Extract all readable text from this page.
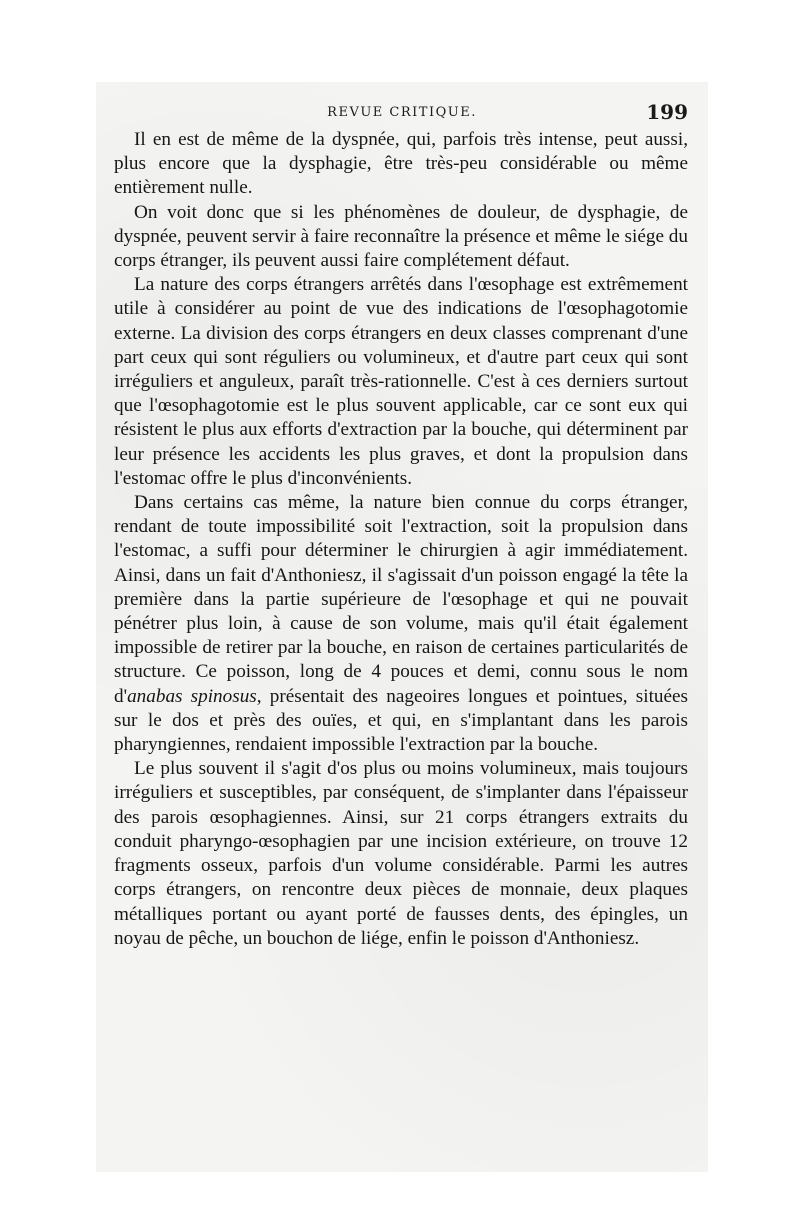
REVUE CRITIQUE.	199

Il en est de même de la dyspnée, qui, parfois très intense, peut aussi, plus encore que la dysphagie, être très-peu considérable ou même entièrement nulle.

On voit donc que si les phénomènes de douleur, de dysphagie, de dyspnée, peuvent servir à faire reconnaître la présence et même le siége du corps étranger, ils peuvent aussi faire complétement défaut.

La nature des corps étrangers arrêtés dans l'œsophage est extrêmement utile à considérer au point de vue des indications de l'œsophagotomie externe. La division des corps étrangers en deux classes comprenant d'une part ceux qui sont réguliers ou volumineux, et d'autre part ceux qui sont irréguliers et anguleux, paraît très-rationnelle. C'est à ces derniers surtout que l'œsophagotomie est le plus souvent applicable, car ce sont eux qui résistent le plus aux efforts d'extraction par la bouche, qui déterminent par leur présence les accidents les plus graves, et dont la propulsion dans l'estomac offre le plus d'inconvénients.

Dans certains cas même, la nature bien connue du corps étranger, rendant de toute impossibilité soit l'extraction, soit la propulsion dans l'estomac, a suffi pour déterminer le chirurgien à agir immédiatement. Ainsi, dans un fait d'Anthoniesz, il s'agissait d'un poisson engagé la tête la première dans la partie supérieure de l'œsophage et qui ne pouvait pénétrer plus loin, à cause de son volume, mais qu'il était également impossible de retirer par la bouche, en raison de certaines particularités de structure. Ce poisson, long de 4 pouces et demi, connu sous le nom d'anabas spinosus, présentait des nageoires longues et pointues, situées sur le dos et près des ouïes, et qui, en s'implantant dans les parois pharyngiennes, rendaient impossible l'extraction par la bouche.

Le plus souvent il s'agit d'os plus ou moins volumineux, mais toujours irréguliers et susceptibles, par conséquent, de s'implanter dans l'épaisseur des parois œsophagiennes. Ainsi, sur 21 corps étrangers extraits du conduit pharyngo-œsophagien par une incision extérieure, on trouve 12 fragments osseux, parfois d'un volume considérable. Parmi les autres corps étrangers, on rencontre deux pièces de monnaie, deux plaques métalliques portant ou ayant porté de fausses dents, des épingles, un noyau de pêche, un bouchon de liége, enfin le poisson d'Anthoniesz.
